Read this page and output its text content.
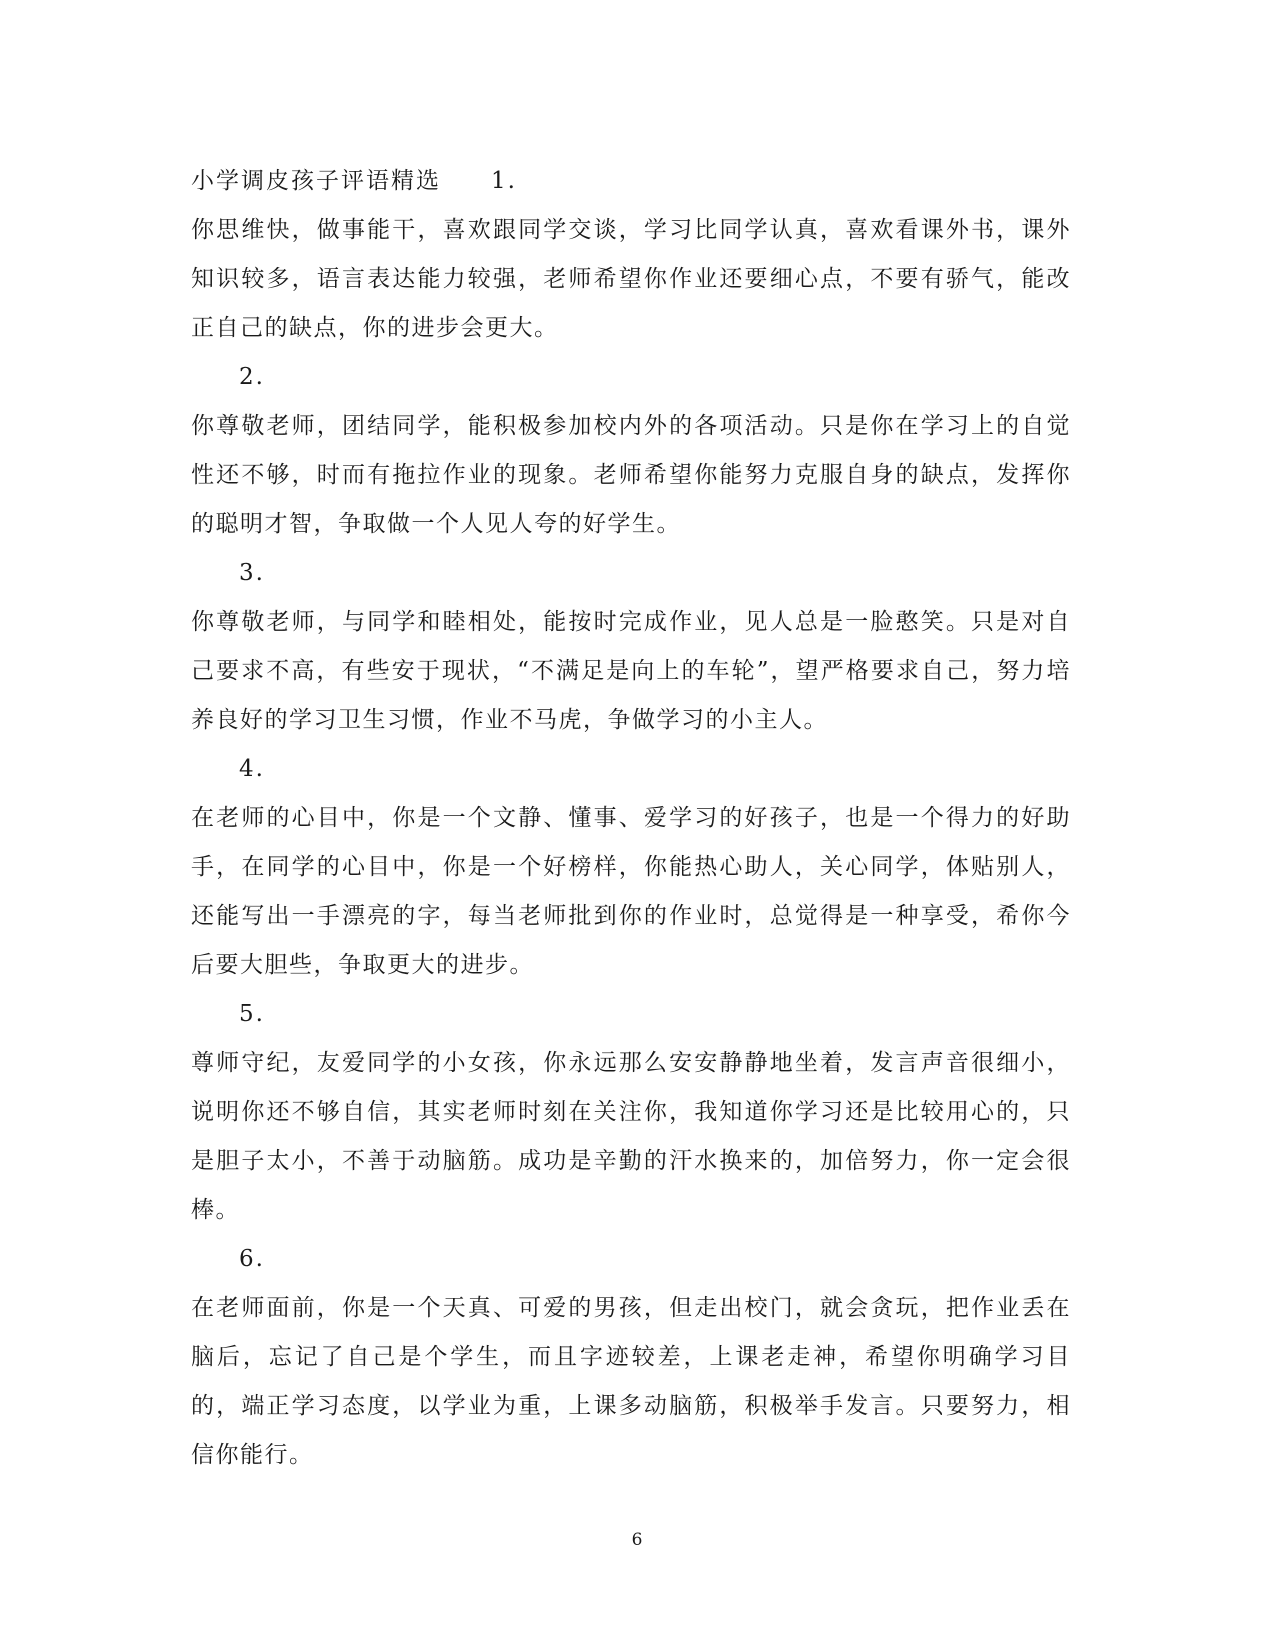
小学调皮孩子评语精选 1.
你思维快，做事能干，喜欢跟同学交谈，学习比同学认真，喜欢看课外书，课外知识较多，语言表达能力较强，老师希望你作业还要细心点，不要有骄气，能改正自己的缺点，你的进步会更大。
2.
你尊敬老师，团结同学，能积极参加校内外的各项活动。只是你在学习上的自觉性还不够，时而有拖拉作业的现象。老师希望你能努力克服自身的缺点，发挥你的聪明才智，争取做一个人见人夸的好学生。
3.
你尊敬老师，与同学和睦相处，能按时完成作业，见人总是一脸憨笑。只是对自己要求不高，有些安于现状，“不满足是向上的车轮”，望严格要求自己，努力培养良好的学习卫生习惯，作业不马虎，争做学习的小主人。
4.
在老师的心目中，你是一个文静、懂事、爱学习的好孩子，也是一个得力的好助手，在同学的心目中，你是一个好榜样，你能热心助人，关心同学，体贴别人，还能写出一手漂亮的字，每当老师批到你的作业时，总觉得是一种享受，希你今后要大胆些，争取更大的进步。
5.
尊师守纪，友爱同学的小女孩，你永远那么安安静静地坐着，发言声音很细小，说明你还不够自信，其实老师时刻在关注你，我知道你学习还是比较用心的，只是胆子太小，不善于动脑筋。成功是辛勤的汗水换来的，加倍努力，你一定会很棒。
6.
在老师面前，你是一个天真、可爱的男孩，但走出校门，就会贪玩，把作业丢在脑后，忘记了自己是个学生，而且字迹较差，上课老走神，希望你明确学习目的，端正学习态度，以学业为重，上课多动脑筋，积极举手发言。只要努力，相信你能行。
6
